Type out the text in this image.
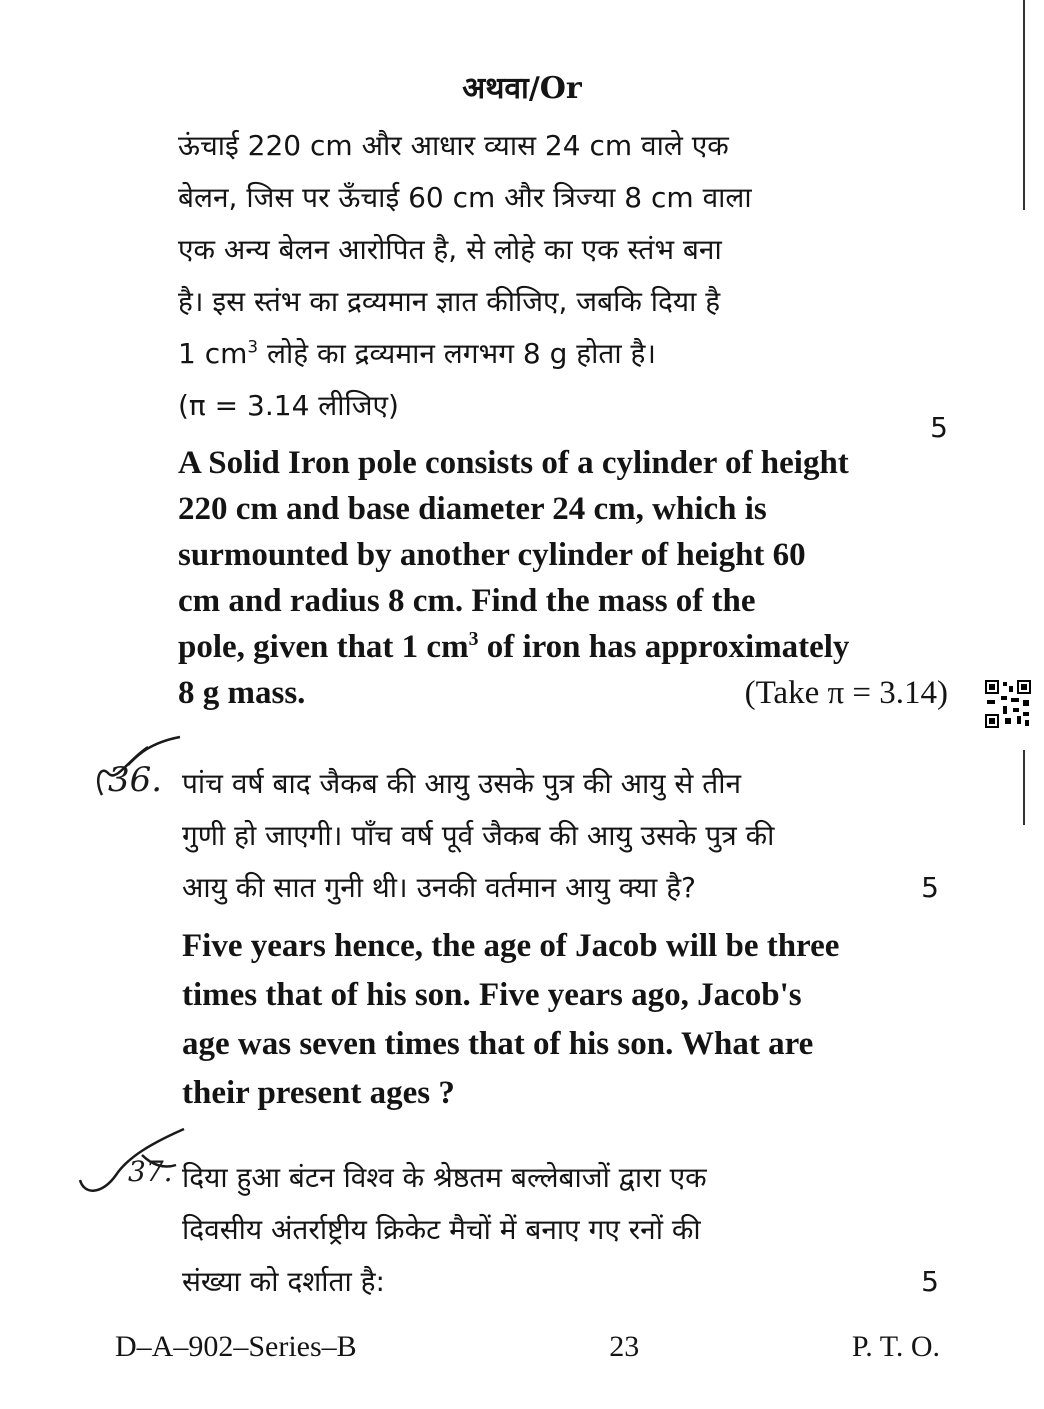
अथवा/Or
ऊंचाई 220 cm और आधार व्यास 24 cm वाले एक
बेलन, जिस पर ऊँचाई 60 cm और त्रिज्या 8 cm वाला
एक अन्य बेलन आरोपित है, से लोहे का एक स्तंभ बना
है। इस स्तंभ का द्रव्यमान ज्ञात कीजिए, जबकि दिया है
1 $cm^3$ लोहे का द्रव्यमान लगभग 8 g होता है।
(π = 3.14 लीजिए)
5
A Solid Iron pole consists of a cylinder of height
220 cm and base diameter 24 cm, which is
surmounted by another cylinder of height 60
cm and radius 8 cm. Find the mass of the
pole, given that 1 $cm^3$ of iron has approximately
8 g mass.	(Take π = 3.14)
36. पांच वर्ष बाद जैकब की आयु उसके पुत्र की आयु से तीन
गुणी हो जाएगी। पाँच वर्ष पूर्व जैकब की आयु उसके पुत्र की
आयु की सात गुनी थी। उनकी वर्तमान आयु क्या है?	5
Five years hence, the age of Jacob will be three
times that of his son. Five years ago, Jacob's
age was seven times that of his son. What are
their present ages ?
37. दिया हुआ बंटन विश्व के श्रेष्ठतम बल्लेबाजों द्वारा एक
दिवसीय अंतर्राष्ट्रीय क्रिकेट मैचों में बनाए गए रनों की
संख्या को दर्शाता है:	5
D–A–902–Series–B	23	P. T. O.
